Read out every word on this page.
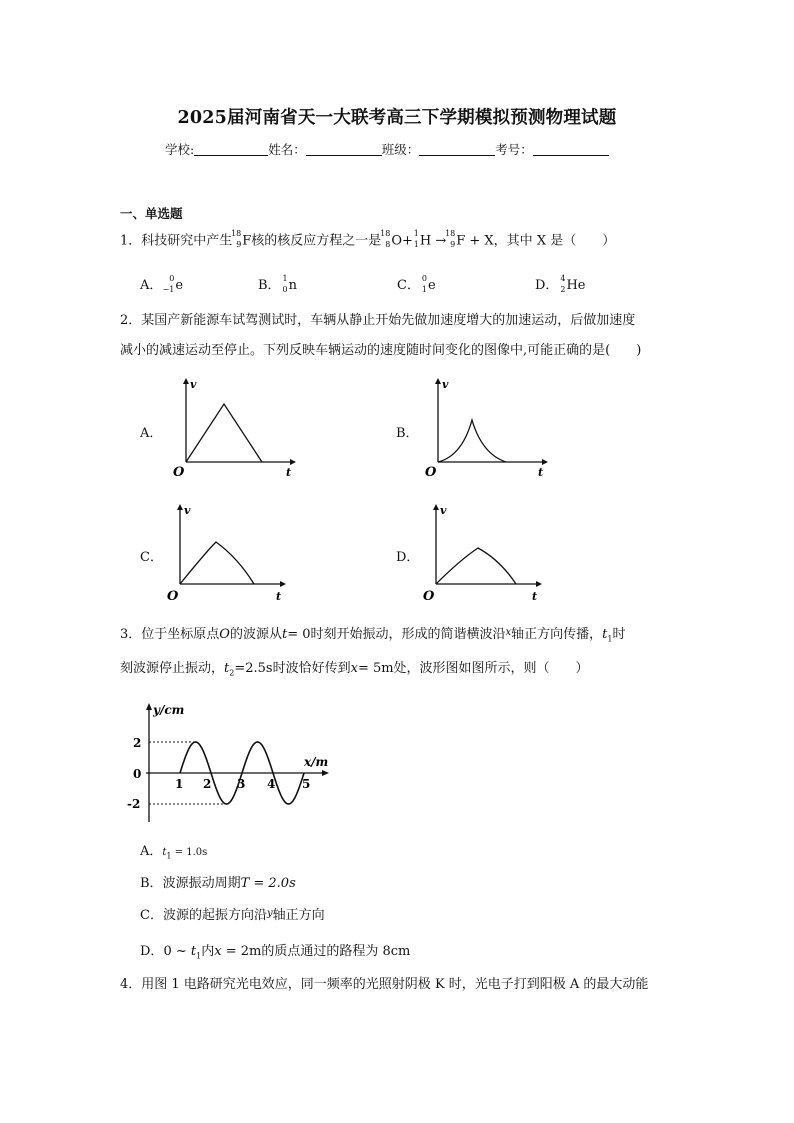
2025届河南省天一大联考高三下学期模拟预测物理试题
学校:	姓名：	班级：	考号：
一、单选题
1．科技研究中产生
18
9 F核的核反应方程之一是
18
8 O+ 1
1 H →
18
9 F + X，其中 X 是（　　）
A． 0
−1 e	B． 1
0 n	C． 0
1 e	D． 4
2 He
2．某国产新能源车试驾测试时，车辆从静止开始先做加速度增大的加速运动，后做加速度
减小的减速运动至停止。下列反映车辆运动的速度随时间变化的图像中,可能正确的是(　　)
A．	B．
C．	D．
v
t
O
v
t
O
v
t
O
v
t
O
3．位于坐标原点O的波源从t= 0时刻开始振动，形成的简谐横波沿$^x$轴正方向传播，$t_1$时
刻波源停止振动，$t_2=2.5s$时波恰好传到x= 5m处，波形图如图所示，则（　　）
y/cm
x/m
2
0
-2
1 2 3 4 5
A．$t_1 = 1.0s$
B．波源振动周期T = 2.0s
C．波源的起振方向沿$^y$轴正方向
D．0 ~ $t_1$内x = 2m的质点通过的路程为 8cm
4．用图 1 电路研究光电效应，同一频率的光照射阴极 K 时，光电子打到阳极 A 的最大动能
